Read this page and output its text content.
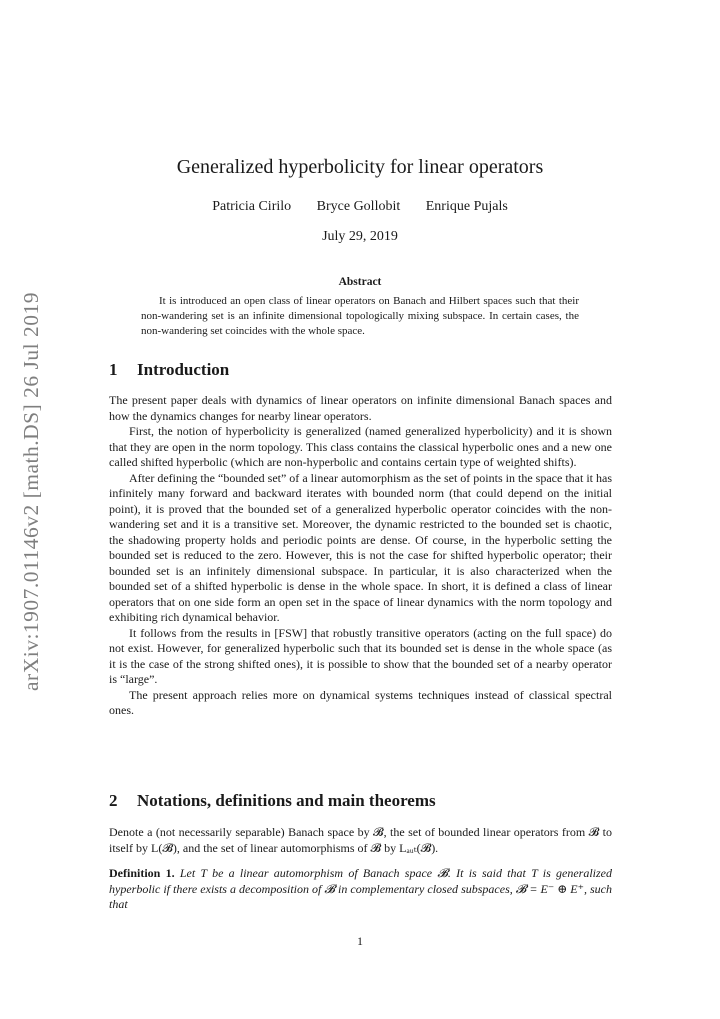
arXiv:1907.01146v2 [math.DS] 26 Jul 2019
Generalized hyperbolicity for linear operators
Patricia Cirilo Bryce Gollobit Enrique Pujals
July 29, 2019
Abstract

It is introduced an open class of linear operators on Banach and Hilbert spaces such that their non-wandering set is an infinite dimensional topologically mixing subspace. In certain cases, the non-wandering set coincides with the whole space.

1 Introduction

The present paper deals with dynamics of linear operators on infinite dimensional Banach spaces and how the dynamics changes for nearby linear operators.

First, the notion of hyperbolicity is generalized (named generalized hyperbolicity) and it is shown that they are open in the norm topology. This class contains the classical hyperbolic ones and a new one called shifted hyperbolic (which are non-hyperbolic and contains certain type of weighted shifts).

After defining the “bounded set” of a linear automorphism as the set of points in the space that it has infinitely many forward and backward iterates with bounded norm (that could depend on the initial point), it is proved that the bounded set of a generalized hyperbolic operator coincides with the non-wandering set and it is a transitive set. Moreover, the dynamic restricted to the bounded set is chaotic, the shadowing property holds and periodic points are dense. Of course, in the hyperbolic setting the bounded set is reduced to the zero. However, this is not the case for shifted hyperbolic operator; their bounded set is an infinitely dimensional subspace. In particular, it is also characterized when the bounded set of a shifted hyperbolic is dense in the whole space. In short, it is defined a class of linear operators that on one side form an open set in the space of linear dynamics with the norm topology and exhibiting rich dynamical behavior.

It follows from the results in [FSW] that robustly transitive operators (acting on the full space) do not exist. However, for generalized hyperbolic such that its bounded set is dense in the whole space (as it is the case of the strong shifted ones), it is possible to show that the bounded set of a nearby operator is “large”.

The present approach relies more on dynamical systems techniques instead of classical spectral ones.

2 Notations, definitions and main theorems

Denote a (not necessarily separable) Banach space by 𝓑, the set of bounded linear operators from 𝓑 to itself by L(𝓑), and the set of linear automorphisms of 𝓑 by Lₐᵤₜ(𝓑).

Definition 1. Let T be a linear automorphism of Banach space 𝓑. It is said that T is generalized hyperbolic if there exists a decomposition of 𝓑 in complementary closed subspaces, 𝓑 = E⁻ ⊕ E⁺, such that

1
